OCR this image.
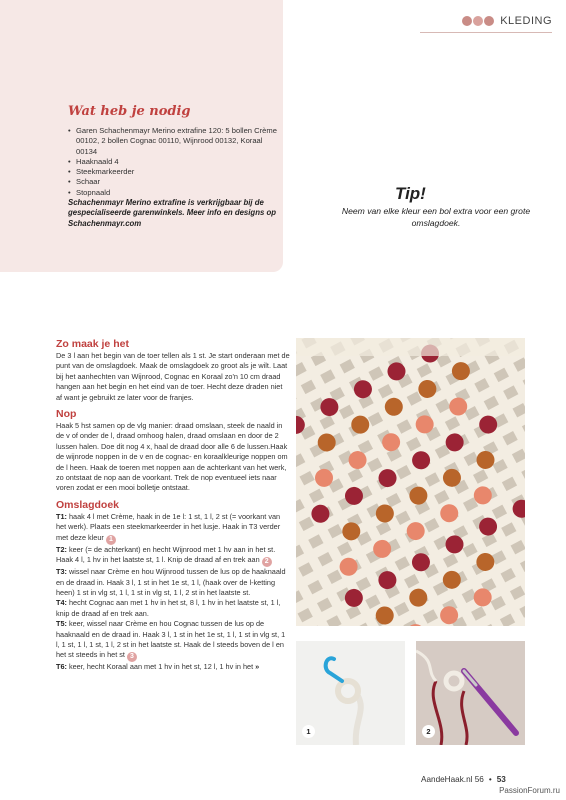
Wat heb je nodig
• Garen Schachenmayr Merino extrafine 120: 5 bollen Crème 00102, 2 bollen Cognac 00110, Wijnrood 00132, Koraal 00134
• Haaknaald 4
• Steekmarkeerder
• Schaar
• Stopnaald
Schachenmayr Merino extrafine is verkrijgbaar bij de gespecialiseerde garenwinkels. Meer info en designs op Schachenmayr.com
KLEDING
Tip!
Neem van elke kleur een bol extra voor een grote omslagdoek.
Zo maak je het
De 3 l aan het begin van de toer tellen als 1 st. Je start onderaan met de punt van de omslagdoek. Maak de omslagdoek zo groot als je wilt. Laat bij het aanhechten van Wijnrood, Cognac en Koraal zo'n 10 cm draad hangen aan het begin en het eind van de toer. Hecht deze draden niet af want je gebruikt ze later voor de franjes.
Nop
Haak 5 hst samen op de vlg manier: draad omslaan, steek de naald in de v of onder de l, draad omhoog halen, draad omslaan en door de 2 lussen halen. Doe dit nog 4 x, haal de draad door alle 6 de lussen.Haak de wijnrode noppen in de v en de cognac- en koraalkleurige noppen om de l heen. Haak de toeren met noppen aan de achterkant van het werk, zo ontstaat de nop aan de voorkant. Trek de nop eventueel iets naar voren zodat er een mooi bolletje ontstaat.
Omslagdoek
T1: haak 4 l met Crème, haak in de 1e l: 1 st, 1 l, 2 st (= voorkant van het werk). Plaats een steekmarkeerder in het lusje. Haak in T3 verder met deze kleur 1
T2: keer (= de achterkant) en hecht Wijnrood met 1 hv aan in het st. Haak 4 l, 1 hv in het laatste st, 1 l. Knip de draad af en trek aan 2
T3: wissel naar Crème en hou Wijnrood tussen de lus op de haaknaald en de draad in. Haak 3 l, 1 st in het 1e st, 1 l, (haak over de l-ketting heen) 1 st in vlg st, 1 l, 1 st in vlg st, 1 l, 2 st in het laatste st.
T4: hecht Cognac aan met 1 hv in het st, 8 l, 1 hv in het laatste st, 1 l, knip de draad af en trek aan.
T5: keer, wissel naar Crème en hou Cognac tussen de lus op de haaknaald en de draad in. Haak 3 l, 1 st in het 1e st, 1 l, 1 st in vlg st, 1 l, 1 st, 1 l, 1 st, 1 l, 2 st in het laatste st. Haak de l steeds boven de l en het st steeds in het st 3
T6: keer, hecht Koraal aan met 1 hv in het st, 12 l, 1 hv in het »
1	2
AandeHaak.nl 56 • 53
PassionForum.ru
